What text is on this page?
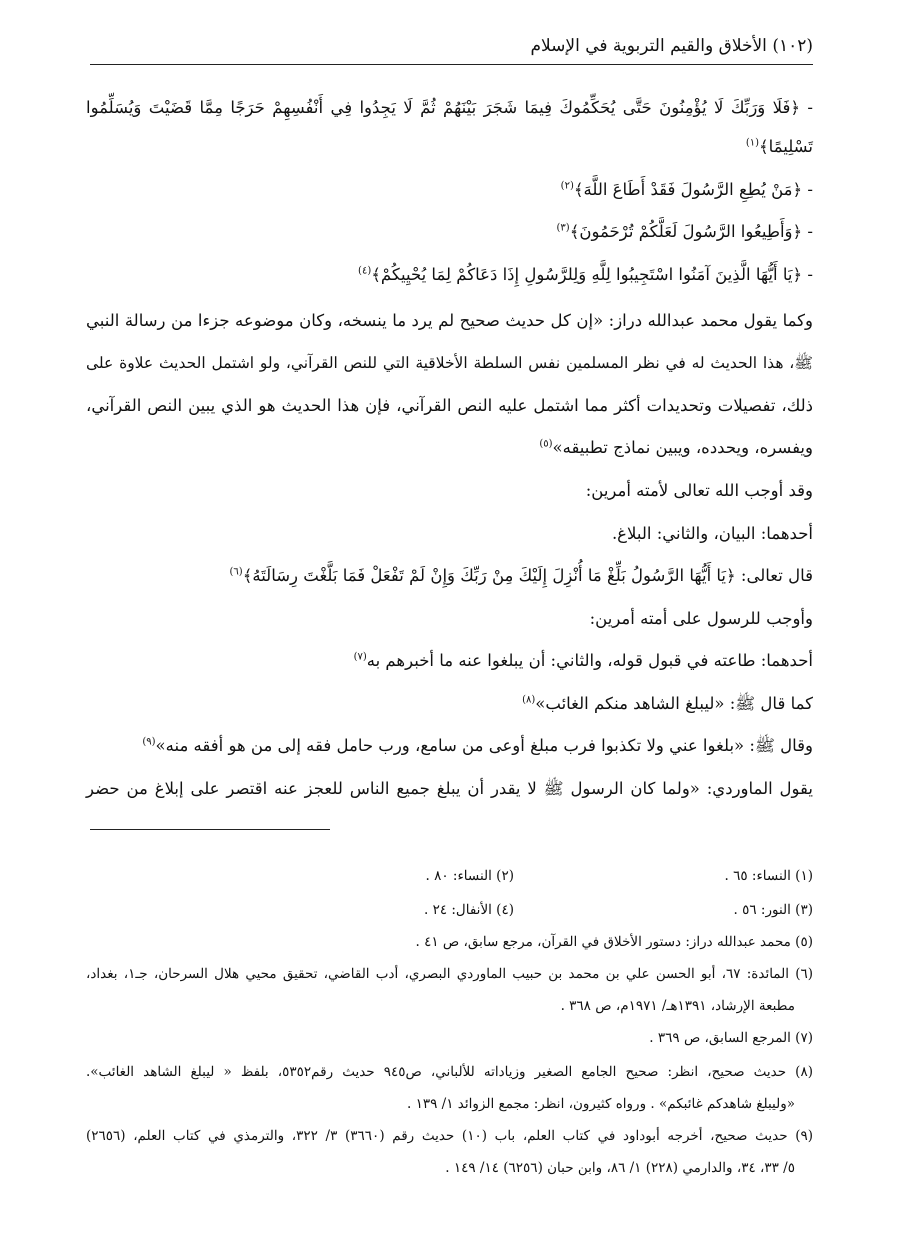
(١٠٢) الأخلاق والقيم التربوية في الإسلام
- ﴿فَلَا وَرَبِّكَ لَا يُؤْمِنُونَ حَتَّى يُحَكِّمُوكَ فِيمَا شَجَرَ بَيْنَهُمْ ثُمَّ لَا يَجِدُوا فِي أَنْفُسِهِمْ حَرَجًا مِمَّا قَضَيْتَ وَيُسَلِّمُوا
تَسْلِيمًا﴾$^{(١)}$
- ﴿مَنْ يُطِعِ الرَّسُولَ فَقَدْ أَطَاعَ اللَّهَ﴾$^{(٢)}$
- ﴿وَأَطِيعُوا الرَّسُولَ لَعَلَّكُمْ تُرْحَمُونَ﴾$^{(٣)}$
- ﴿يَا أَيُّهَا الَّذِينَ آمَنُوا اسْتَجِيبُوا لِلَّهِ وَلِلرَّسُولِ إِذَا دَعَاكُمْ لِمَا يُحْيِيكُمْ﴾$^{(٤)}$
وكما يقول محمد عبدالله دراز: «إن كل حديث صحيح لم يرد ما ينسخه، وكان موضوعه جزءا من رسالة النبي
ﷺ، هذا الحديث له في نظر المسلمين نفس السلطة الأخلاقية التي للنص القرآني، ولو اشتمل الحديث علاوة على
ذلك، تفصيلات وتحديدات أكثر مما اشتمل عليه النص القرآني، فإن هذا الحديث هو الذي يبين النص القرآني،
ويفسره، ويحدده، ويبين نماذج تطبيقه»$^{(٥)}$
وقد أوجب الله تعالى لأمته أمرين:
أحدهما: البيان، والثاني: البلاغ.
قال تعالى: ﴿يَا أَيُّهَا الرَّسُولُ بَلِّغْ مَا أُنْزِلَ إِلَيْكَ مِنْ رَبِّكَ وَإِنْ لَمْ تَفْعَلْ فَمَا بَلَّغْتَ رِسَالَتَهُ﴾$^{(٦)}$
وأوجب للرسول على أمته أمرين:
أحدهما: طاعته في قبول قوله، والثاني: أن يبلغوا عنه ما أخبرهم به$^{(٧)}$
كما قال ﷺ: «ليبلغ الشاهد منكم الغائب»$^{(٨)}$
وقال ﷺ: «بلغوا عني ولا تكذبوا فرب مبلغ أوعى من سامع، ورب حامل فقه إلى من هو أفقه منه»$^{(٩)}$
يقول الماوردي: «ولما كان الرسول ﷺ لا يقدر أن يبلغ جميع الناس للعجز عنه اقتصر على إبلاغ من حضر
(١) النساء: ٦٥ .
(٢) النساء: ٨٠ .
(٣) النور: ٥٦ .
(٤) الأنفال: ٢٤ .
(٥) محمد عبدالله دراز: دستور الأخلاق في القرآن، مرجع سابق، ص ٤١ .
(٦) المائدة: ٦٧، أبو الحسن علي بن محمد بن حبيب الماوردي البصري، أدب القاضي، تحقيق محيي هلال السرحان، جـ١، بغداد،
مطبعة الإرشاد، ١٣٩١هـ/ ١٩٧١م، ص ٣٦٨ .
(٧) المرجع السابق، ص ٣٦٩ .
(٨) حديث صحيح، انظر: صحيح الجامع الصغير وزياداته للألباني، ص٩٤٥ حديث رقم٥٣٥٢، بلفظ « ليبلغ الشاهد الغائب».
«وليبلغ شاهدكم غائبكم» . ورواه كثيرون، انظر: مجمع الزوائد ١/ ١٣٩ .
(٩) حديث صحيح، أخرجه أبوداود في كتاب العلم، باب (١٠) حديث رقم (٣٦٦٠) ٣/ ٣٢٢، والترمذي في كتاب العلم، (٢٦٥٦)
٥/ ٣٣، ٣٤، والدارمي (٢٢٨) ١/ ٨٦، وابن حبان (٦٢٥٦) ١٤/ ١٤٩ .
